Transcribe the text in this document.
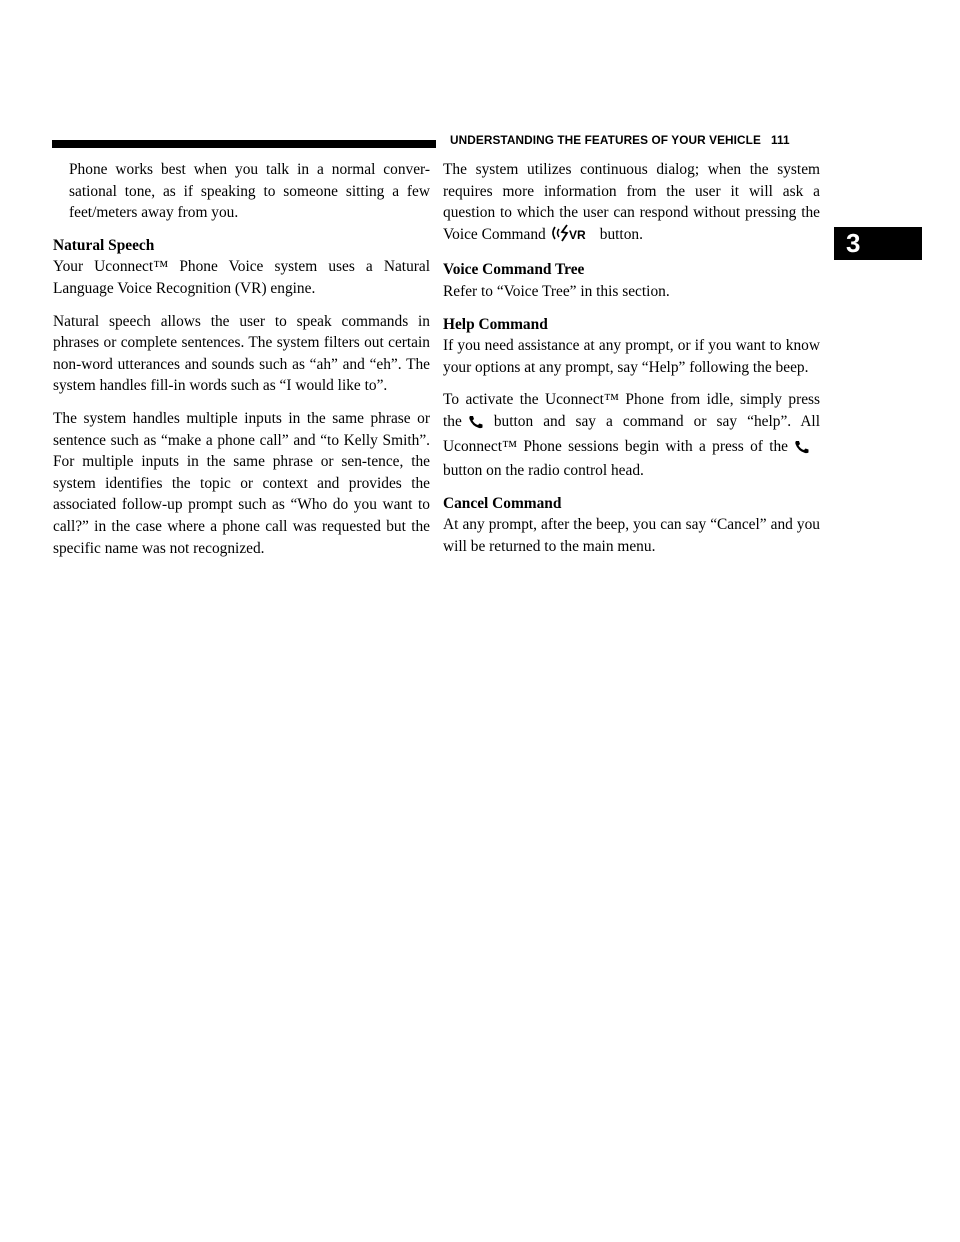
UNDERSTANDING THE FEATURES OF YOUR VEHICLE 111
3

Phone works best when you talk in a normal conver-sational tone, as if speaking to someone sitting a few feet/meters away from you.

Natural Speech

Your Uconnect™ Phone Voice system uses a Natural Language Voice Recognition (VR) engine.

Natural speech allows the user to speak commands in phrases or complete sentences. The system filters out certain non-word utterances and sounds such as “ah” and “eh”. The system handles fill-in words such as “I would like to”.

The system handles multiple inputs in the same phrase or sentence such as “make a phone call” and “to Kelly Smith”. For multiple inputs in the same phrase or sen-tence, the system identifies the topic or context and provides the associated follow-up prompt such as “Who do you want to call?” in the case where a phone call was requested but the specific name was not recognized.

The system utilizes continuous dialog; when the system requires more information from the user it will ask a question to which the user can respond without pressing the Voice Command VR button.

Voice Command Tree

Refer to “Voice Tree” in this section.

Help Command

If you need assistance at any prompt, or if you want to know your options at any prompt, say “Help” following the beep.

To activate the Uconnect™ Phone from idle, simply press the button and say a command or say “help”. All Uconnect™ Phone sessions begin with a press of thebutton on the radio control head.

Cancel Command

At any prompt, after the beep, you can say “Cancel” and you will be returned to the main menu.
